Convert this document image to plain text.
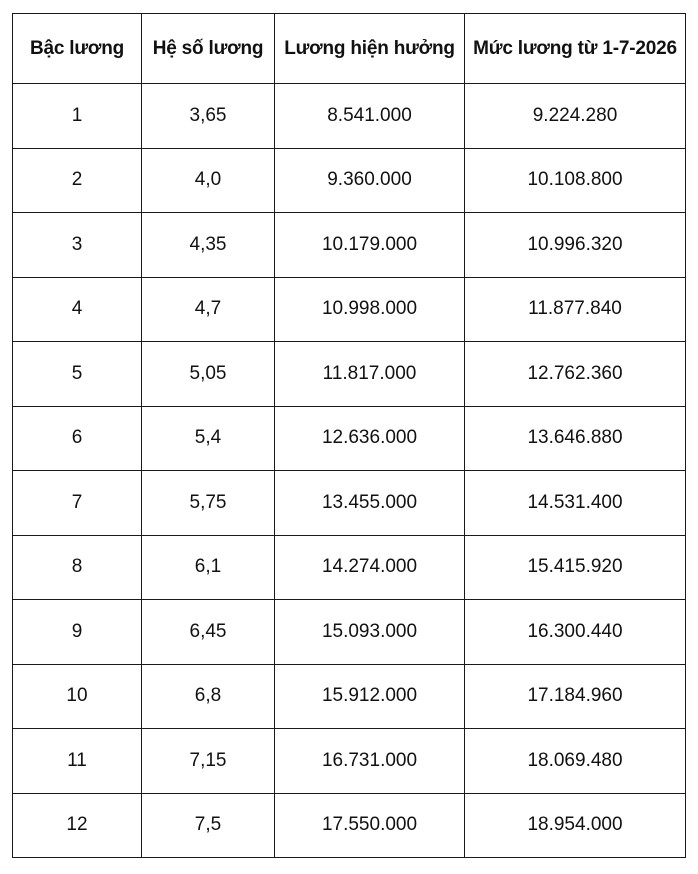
Bậc lương	Hệ số lương	Lương hiện hưởng	Mức lương từ 1-7-2026
1	3,65	8.541.000	9.224.280
2	4,0	9.360.000	10.108.800
3	4,35	10.179.000	10.996.320
4	4,7	10.998.000	11.877.840
5	5,05	11.817.000	12.762.360
6	5,4	12.636.000	13.646.880
7	5,75	13.455.000	14.531.400
8	6,1	14.274.000	15.415.920
9	6,45	15.093.000	16.300.440
10	6,8	15.912.000	17.184.960
11	7,15	16.731.000	18.069.480
12	7,5	17.550.000	18.954.000
